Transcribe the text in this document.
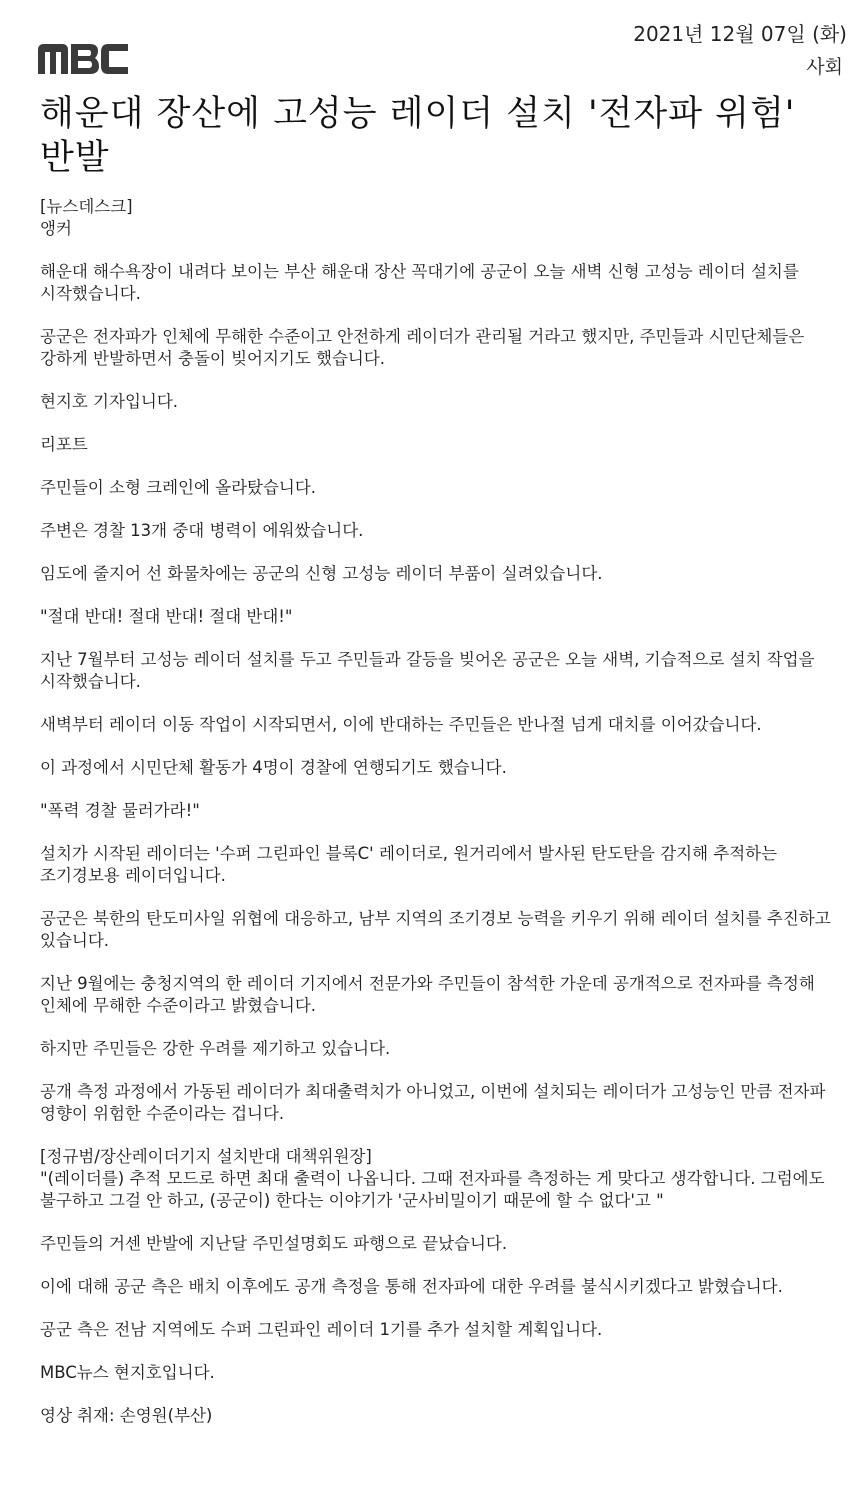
2021년 12월 07일 (화)
사회
해운대 장산에 고성능 레이더 설치 '전자파 위험' 반발
[뉴스데스크]
앵커
해운대 해수욕장이 내려다 보이는 부산 해운대 장산 꼭대기에 공군이 오늘 새벽 신형 고성능 레이더 설치를 시작했습니다.
공군은 전자파가 인체에 무해한 수준이고 안전하게 레이더가 관리될 거라고 했지만, 주민들과 시민단체들은 강하게 반발하면서 충돌이 빚어지기도 했습니다.
현지호 기자입니다.
리포트
주민들이 소형 크레인에 올라탔습니다.
주변은 경찰 13개 중대 병력이 에워쌌습니다.
임도에 줄지어 선 화물차에는 공군의 신형 고성능 레이더 부품이 실려있습니다.
"절대 반대! 절대 반대! 절대 반대!"
지난 7월부터 고성능 레이더 설치를 두고 주민들과 갈등을 빚어온 공군은 오늘 새벽, 기습적으로 설치 작업을 시작했습니다.
새벽부터 레이더 이동 작업이 시작되면서, 이에 반대하는 주민들은 반나절 넘게 대치를 이어갔습니다.
이 과정에서 시민단체 활동가 4명이 경찰에 연행되기도 했습니다.
"폭력 경찰 물러가라!"
설치가 시작된 레이더는 '수퍼 그린파인 블록C' 레이더로, 원거리에서 발사된 탄도탄을 감지해 추적하는 조기경보용 레이더입니다.
공군은 북한의 탄도미사일 위협에 대응하고, 남부 지역의 조기경보 능력을 키우기 위해 레이더 설치를 추진하고 있습니다.
지난 9월에는 충청지역의 한 레이더 기지에서 전문가와 주민들이 참석한 가운데 공개적으로 전자파를 측정해 인체에 무해한 수준이라고 밝혔습니다.
하지만 주민들은 강한 우려를 제기하고 있습니다.
공개 측정 과정에서 가동된 레이더가 최대출력치가 아니었고, 이번에 설치되는 레이더가 고성능인 만큼 전자파 영향이 위험한 수준이라는 겁니다.
[정규범/장산레이더기지 설치반대 대책위원장]
"(레이더를) 추적 모드로 하면 최대 출력이 나옵니다. 그때 전자파를 측정하는 게 맞다고 생각합니다. 그럼에도 불구하고 그걸 안 하고, (공군이) 한다는 이야기가 '군사비밀이기 때문에 할 수 없다'고 "
주민들의 거센 반발에 지난달 주민설명회도 파행으로 끝났습니다.
이에 대해 공군 측은 배치 이후에도 공개 측정을 통해 전자파에 대한 우려를 불식시키겠다고 밝혔습니다.
공군 측은 전남 지역에도 수퍼 그린파인 레이더 1기를 추가 설치할 계획입니다.
MBC뉴스 현지호입니다.
영상 취재: 손영원(부산)
